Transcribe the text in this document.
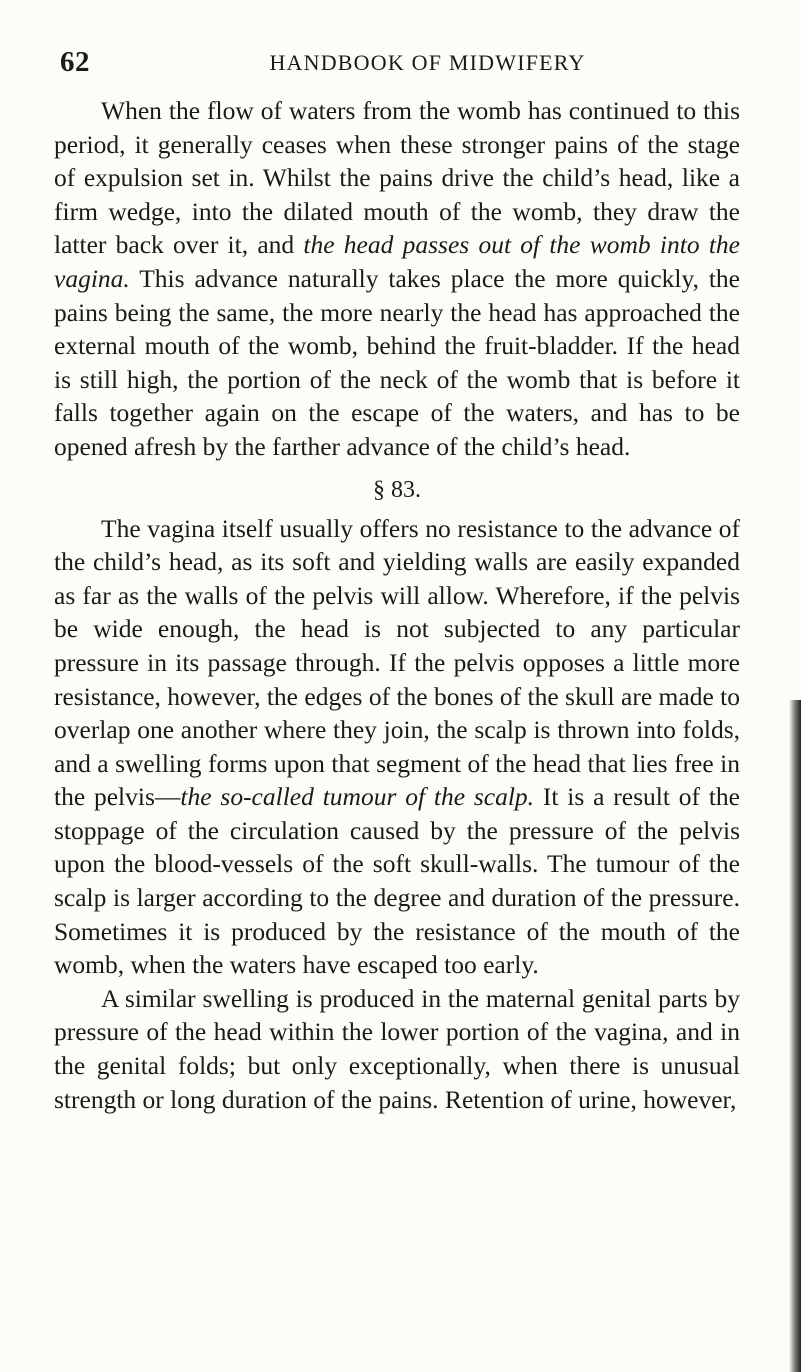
62	HANDBOOK OF MIDWIFERY

When the flow of waters from the womb has continued to this period, it generally ceases when these stronger pains of the stage of expulsion set in. Whilst the pains drive the child’s head, like a firm wedge, into the dilated mouth of the womb, they draw the latter back over it, and the head passes out of the womb into the vagina. This advance naturally takes place the more quickly, the pains being the same, the more nearly the head has approached the external mouth of the womb, behind the fruit-bladder. If the head is still high, the portion of the neck of the womb that is before it falls together again on the escape of the waters, and has to be opened afresh by the farther advance of the child’s head.

§ 83.

The vagina itself usually offers no resistance to the advance of the child’s head, as its soft and yielding walls are easily expanded as far as the walls of the pelvis will allow. Wherefore, if the pelvis be wide enough, the head is not subjected to any particular pressure in its passage through. If the pelvis opposes a little more resistance, however, the edges of the bones of the skull are made to overlap one another where they join, the scalp is thrown into folds, and a swelling forms upon that segment of the head that lies free in the pelvis—the so-called tumour of the scalp. It is a result of the stoppage of the circulation caused by the pressure of the pelvis upon the blood-vessels of the soft skull-walls. The tumour of the scalp is larger according to the degree and duration of the pressure. Sometimes it is produced by the resistance of the mouth of the womb, when the waters have escaped too early.

A similar swelling is produced in the maternal genital parts by pressure of the head within the lower portion of the vagina, and in the genital folds; but only exceptionally, when there is unusual strength or long duration of the pains. Retention of urine, however,
